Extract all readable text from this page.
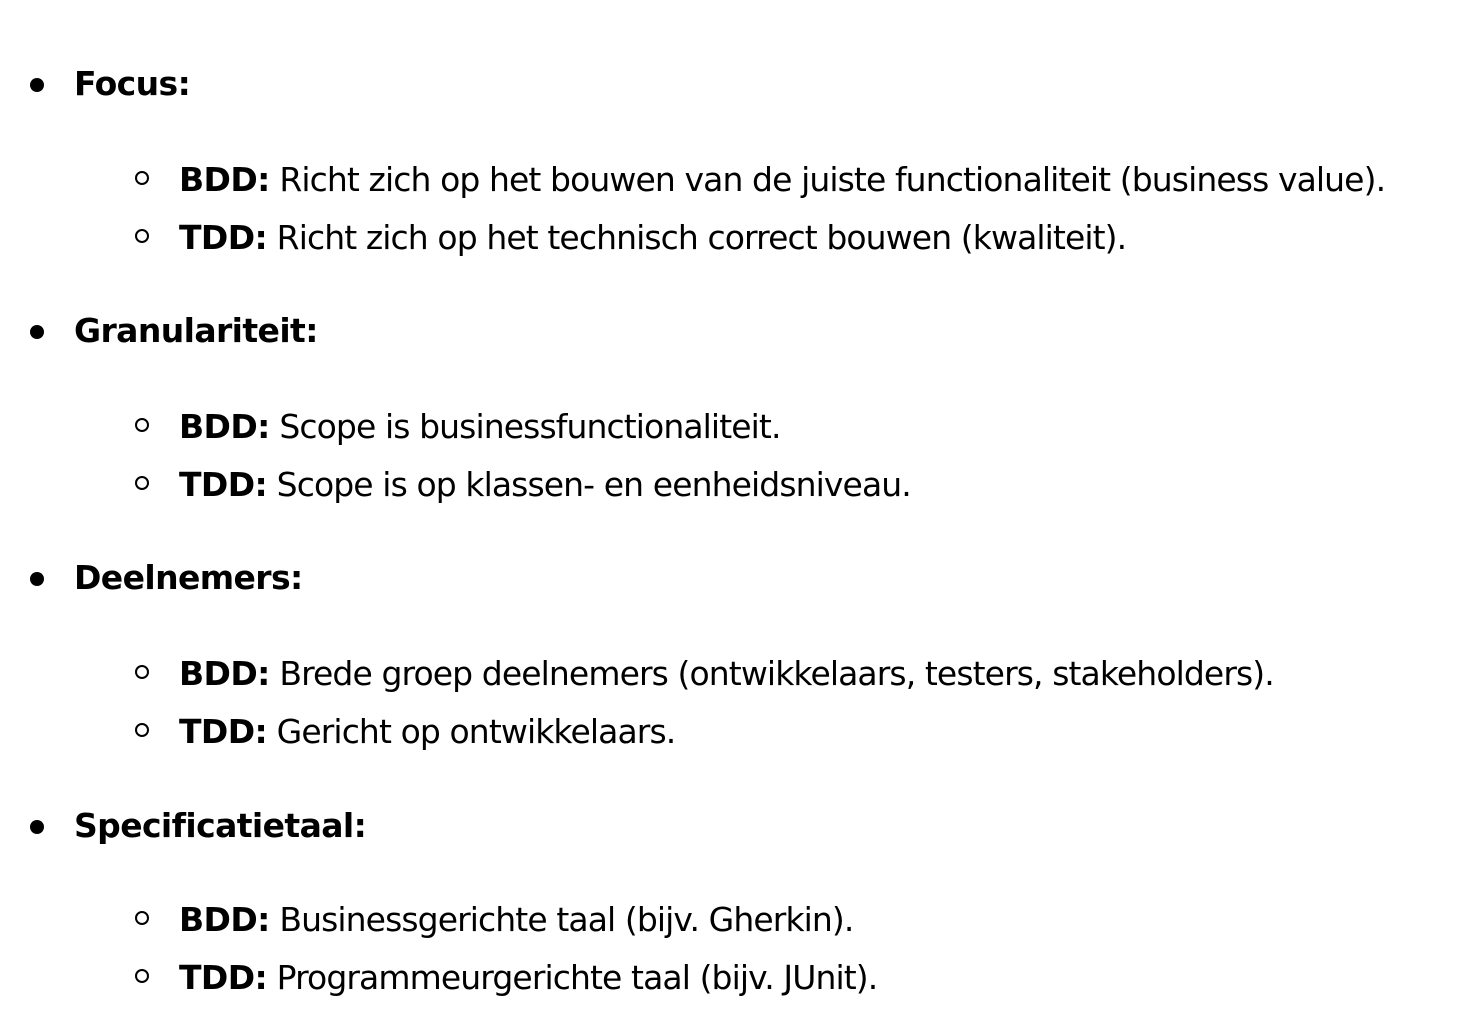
Focus:
BDD: Richt zich op het bouwen van de juiste functionaliteit (business value).
TDD: Richt zich op het technisch correct bouwen (kwaliteit).
Granulariteit:
BDD: Scope is businessfunctionaliteit.
TDD: Scope is op klassen- en eenheidsniveau.
Deelnemers:
BDD: Brede groep deelnemers (ontwikkelaars, testers, stakeholders).
TDD: Gericht op ontwikkelaars.
Specificatietaal:
BDD: Businessgerichte taal (bijv. Gherkin).
TDD: Programmeurgerichte taal (bijv. JUnit).
